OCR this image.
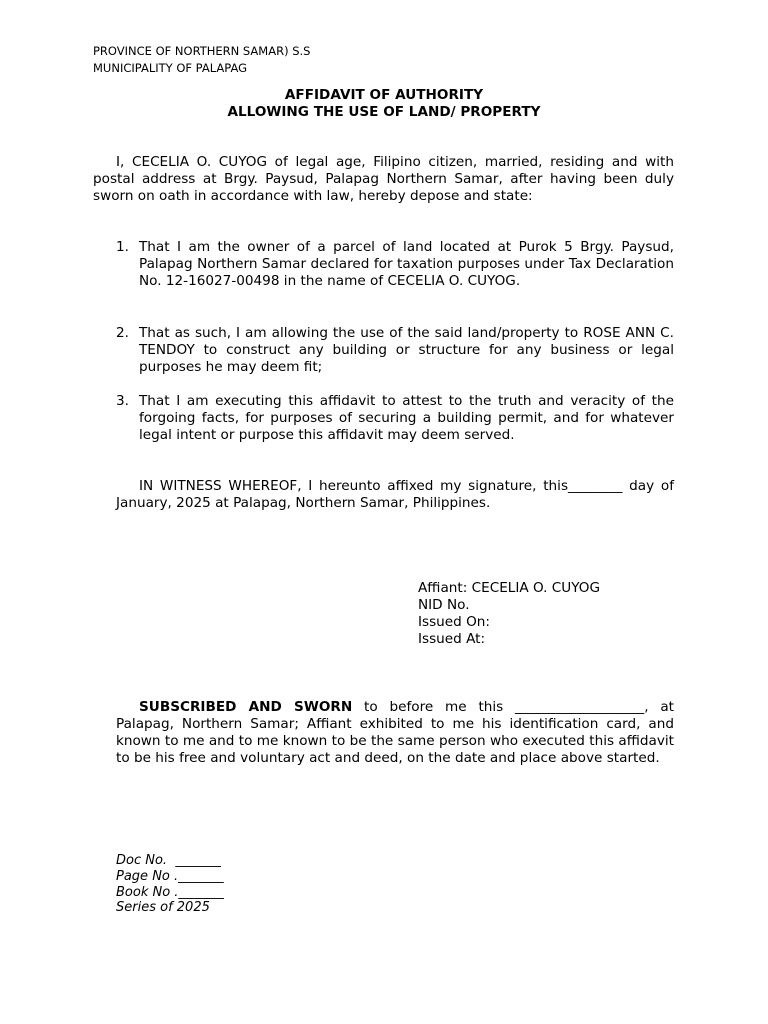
PROVINCE OF NORTHERN SAMAR) S.S
MUNICIPALITY OF PALAPAG
AFFIDAVIT OF AUTHORITY
ALLOWING THE USE OF LAND/ PROPERTY
I, CECELIA O. CUYOG of legal age, Filipino citizen, married, residing and with postal address at Brgy. Paysud, Palapag Northern Samar, after having been duly sworn on oath in accordance with law, hereby depose and state:
1. That I am the owner of a parcel of land located at Purok 5 Brgy. Paysud, Palapag Northern Samar declared for taxation purposes under Tax Declaration No. 12-16027-00498 in the name of CECELIA O. CUYOG.
2. That as such, I am allowing the use of the said land/property to ROSE ANN C. TENDOY to construct any building or structure for any business or legal purposes he may deem fit;
3. That I am executing this affidavit to attest to the truth and veracity of the forgoing facts, for purposes of securing a building permit, and for whatever legal intent or purpose this affidavit may deem served.
IN WITNESS WHEREOF, I hereunto affixed my signature, this________ day of January, 2025 at Palapag, Northern Samar, Philippines.
Affiant: CECELIA O. CUYOG
NID No.
Issued On:
Issued At:
SUBSCRIBED AND SWORN to before me this ___________________, at Palapag, Northern Samar; Affiant exhibited to me his identification card, and known to me and to me known to be the same person who executed this affidavit to be his free and voluntary act and deed, on the date and place above started.
Doc No.  _______
Page No ._______
Book No ._______
Series of 2025
